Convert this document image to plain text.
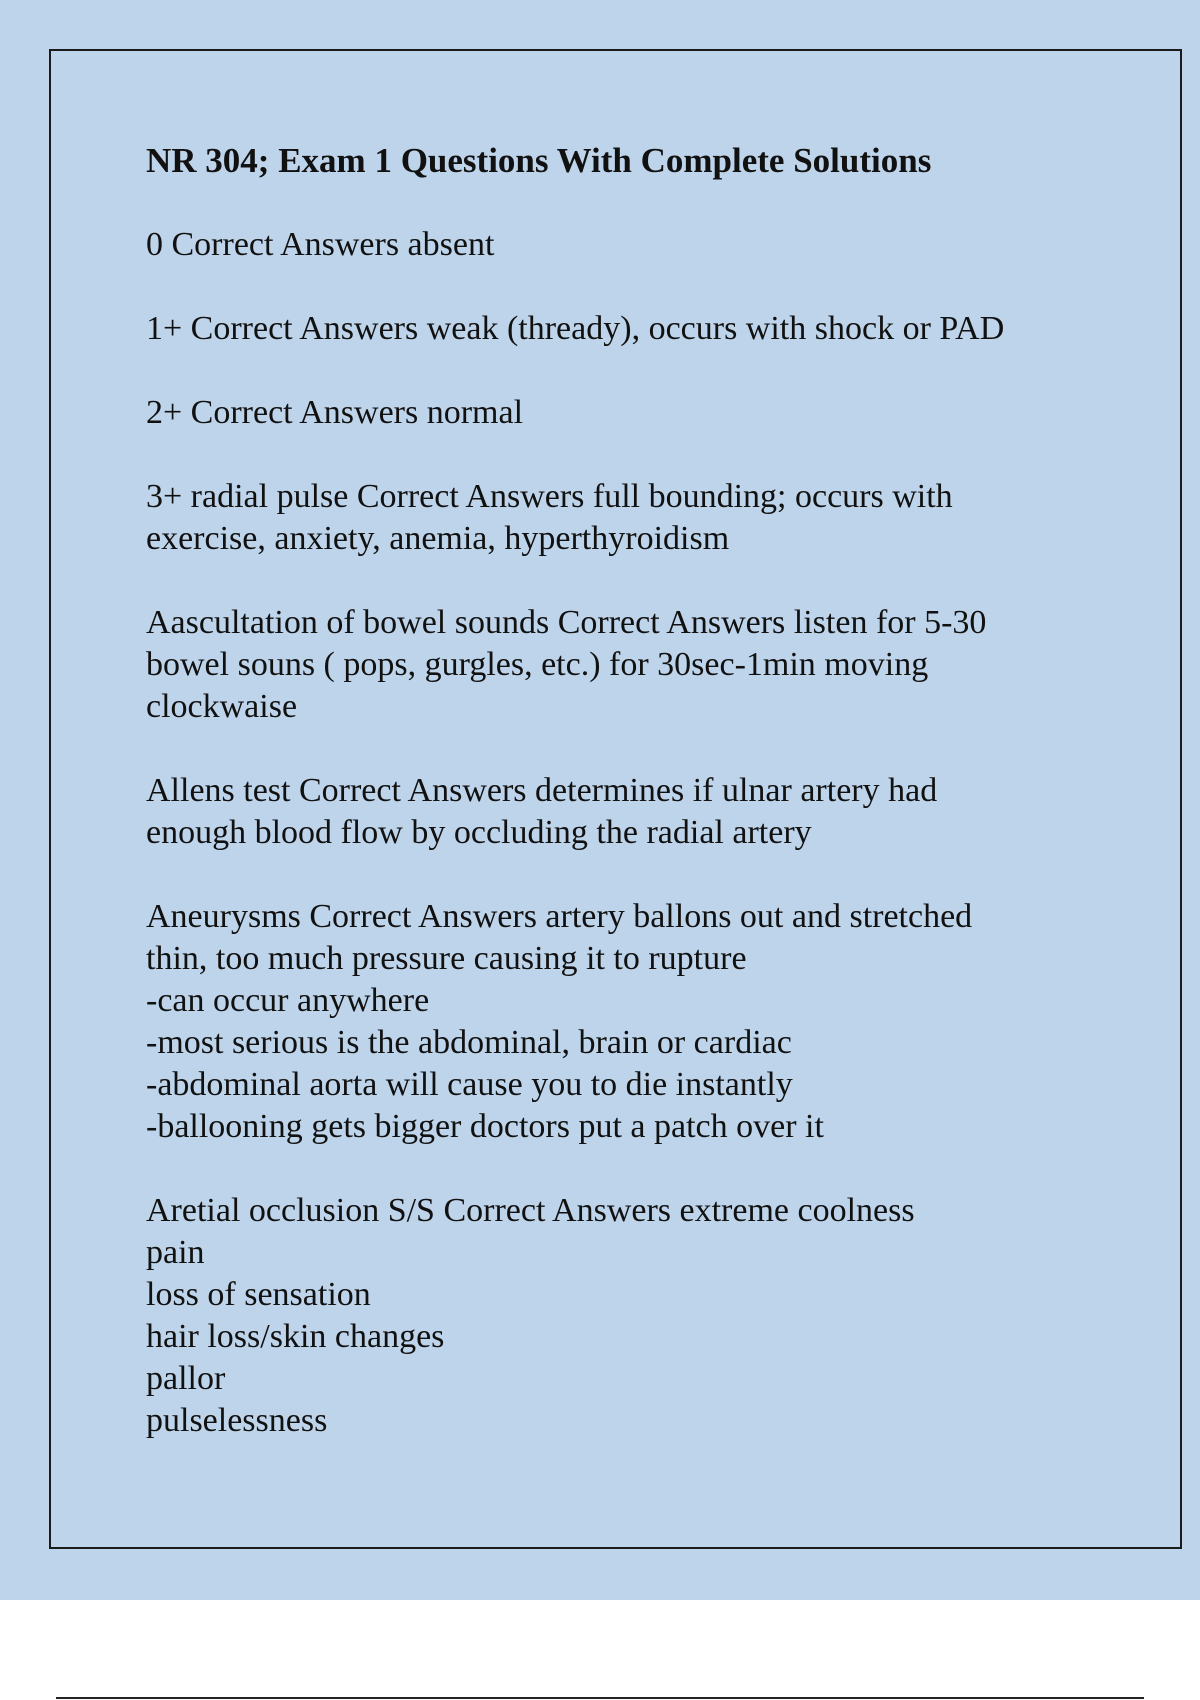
NR 304; Exam 1 Questions With Complete Solutions
0 Correct Answers absent
1+ Correct Answers weak (thready), occurs with shock or PAD
2+ Correct Answers normal
3+ radial pulse Correct Answers full bounding; occurs with
exercise, anxiety, anemia, hyperthyroidism
Aascultation of bowel sounds Correct Answers listen for 5-30
bowel souns ( pops, gurgles, etc.) for 30sec-1min moving
clockwaise
Allens test Correct Answers determines if ulnar artery had
enough blood flow by occluding the radial artery
Aneurysms Correct Answers artery ballons out and stretched
thin, too much pressure causing it to rupture
-can occur anywhere
-most serious is the abdominal, brain or cardiac
-abdominal aorta will cause you to die instantly
-ballooning gets bigger doctors put a patch over it
Aretial occlusion S/S Correct Answers extreme coolness
pain
loss of sensation
hair loss/skin changes
pallor
pulselessness
